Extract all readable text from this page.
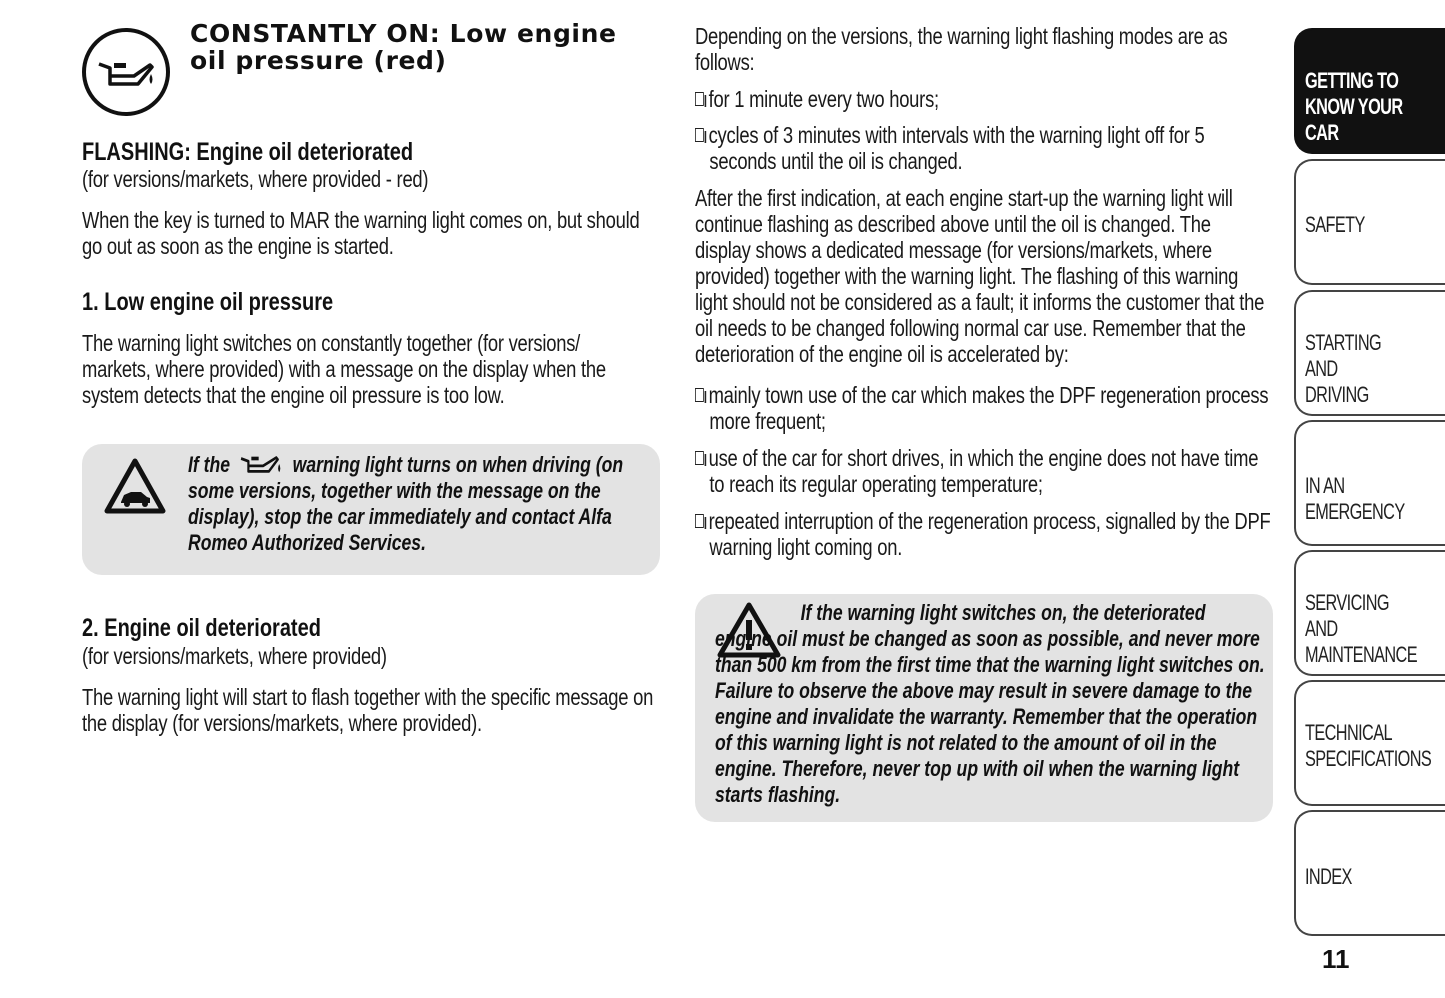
CONSTANTLY ON: Low engine oil pressure (red)
FLASHING: Engine oil deteriorated
(for versions/markets, where provided - red)
When the key is turned to MAR the warning light comes on, but should go out as soon as the engine is started.
1. Low engine oil pressure
The warning light switches on constantly together (for versions/ markets, where provided) with a message on the display when the system detects that the engine oil pressure is too low.
If the	warning light turns on when driving (on some versions, together with the message on the display), stop the car immediately and contact Alfa Romeo Authorized Services.
2. Engine oil deteriorated
(for versions/markets, where provided)
The warning light will start to flash together with the specific message on the display (for versions/markets, where provided).
Depending on the versions, the warning light flashing modes are as follows:
for 1 minute every two hours;
cycles of 3 minutes with intervals with the warning light off for 5 seconds until the oil is changed.
After the first indication, at each engine start-up the warning light will continue flashing as described above until the oil is changed. The display shows a dedicated message (for versions/markets, where provided) together with the warning light. The flashing of this warning light should not be considered as a fault; it informs the customer that the oil needs to be changed following normal car use. Remember that the deterioration of the engine oil is accelerated by:
mainly town use of the car which makes the DPF regeneration process more frequent;
use of the car for short drives, in which the engine does not have time to reach its regular operating temperature;
repeated interruption of the regeneration process, signalled by the DPF warning light coming on.
If the warning light switches on, the deteriorated engine oil must be changed as soon as possible, and never more than 500 km from the first time that the warning light switches on. Failure to observe the above may result in severe damage to the engine and invalidate the warranty. Remember that the operation of this warning light is not related to the amount of oil in the engine. Therefore, never top up with oil when the warning light starts flashing.
GETTING TO KNOW YOUR CAR
SAFETY
STARTING AND DRIVING
IN AN EMERGENCY
SERVICING AND MAINTENANCE
TECHNICAL SPECIFICATIONS
INDEX
11
